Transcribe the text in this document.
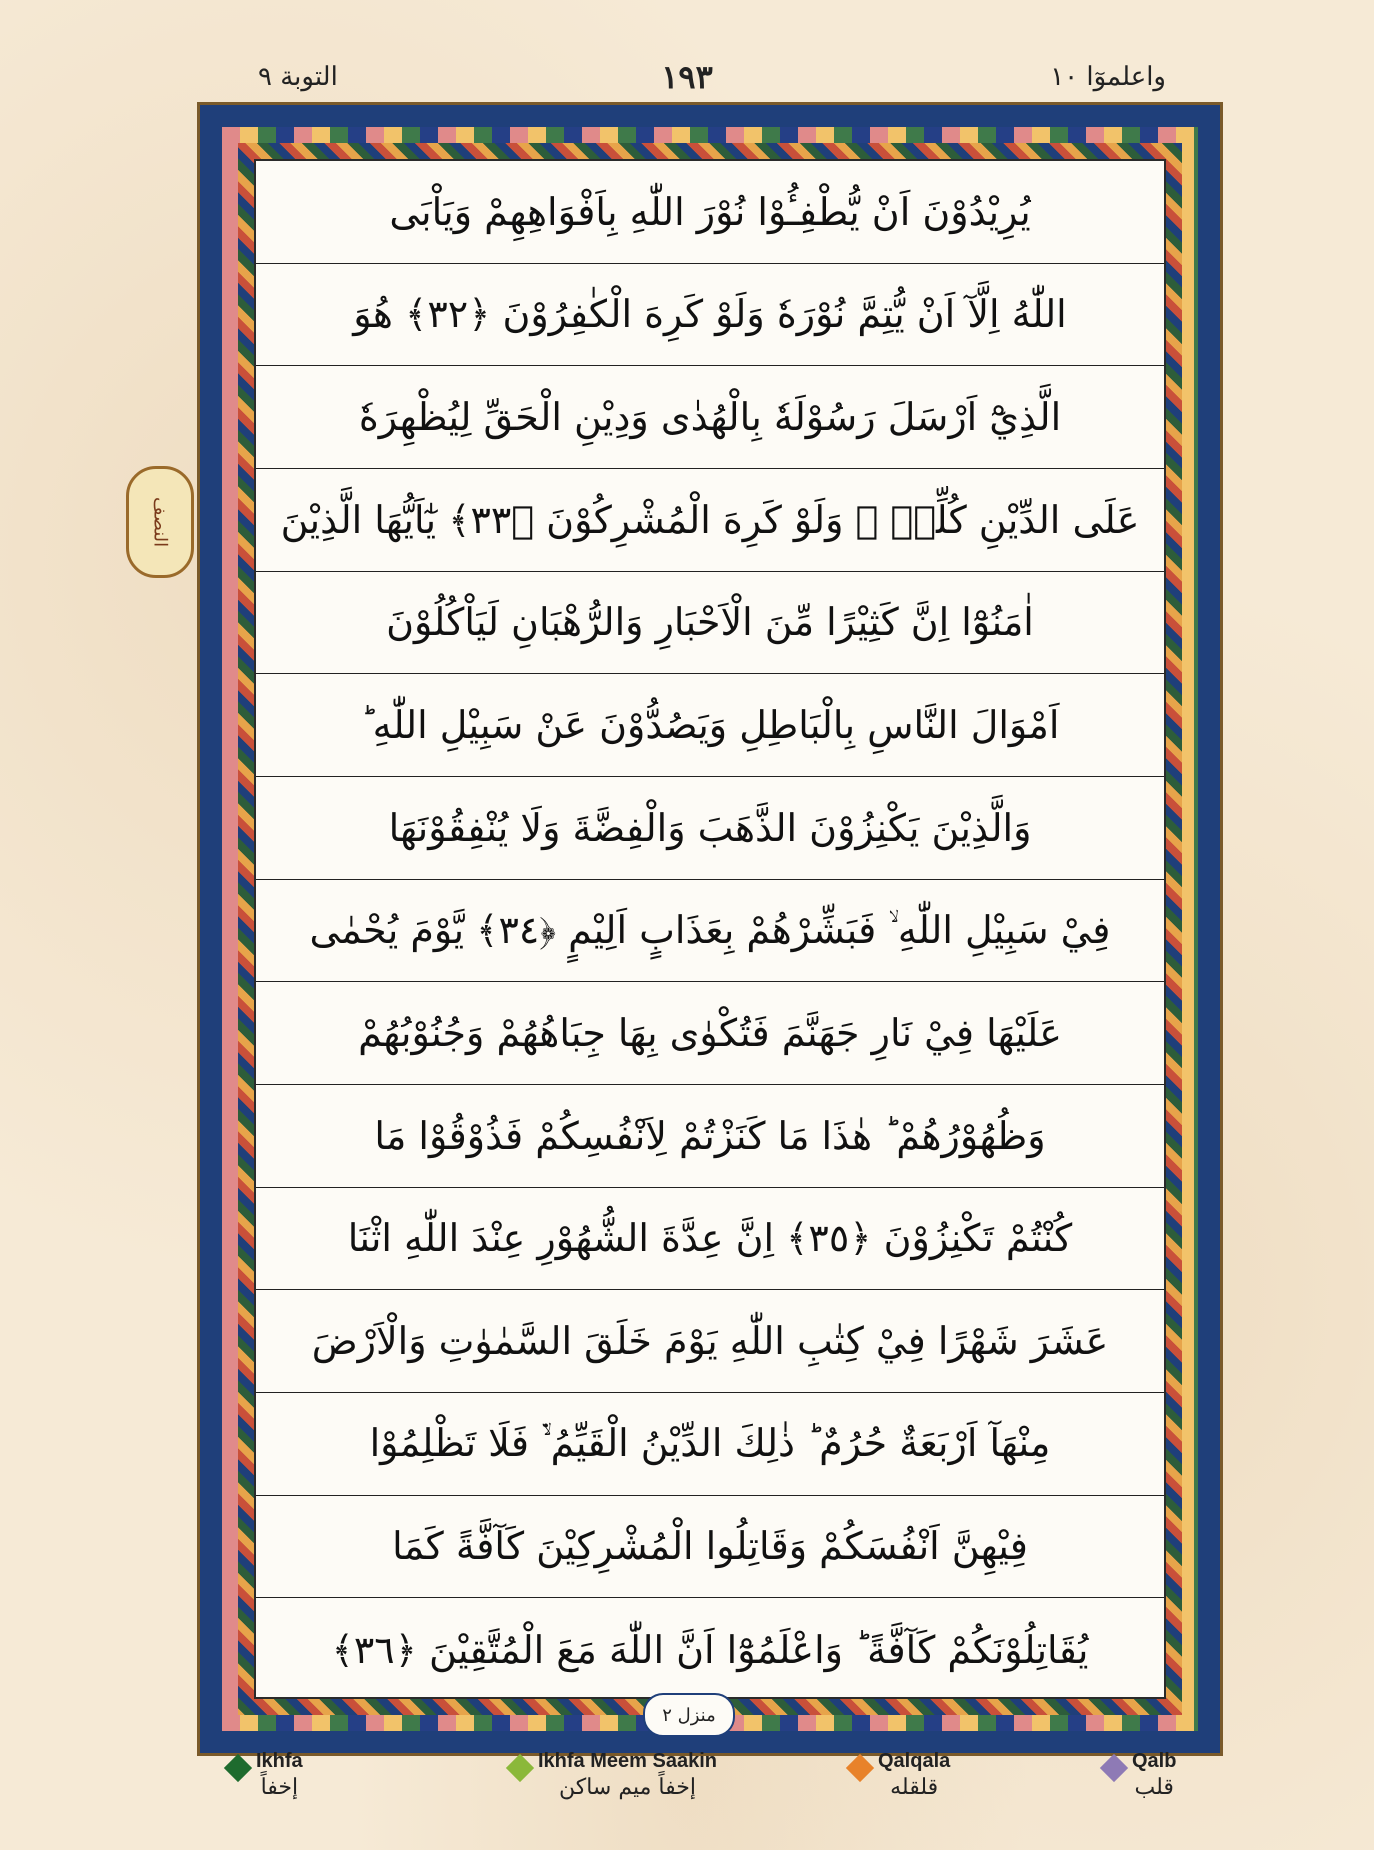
التوبة ٩	١٩٣	واعلموٓا ١٠
يُرِيْدُوْنَ اَنْ يُّطْفِـُٔوْا نُوْرَ اللّٰهِ بِاَفْوَاهِهِمْ وَيَاْبَى
اللّٰهُ اِلَّآ اَنْ يُّتِمَّ نُوْرَهٗ وَلَوْ كَرِهَ الْكٰفِرُوْنَ ﴿٣٢﴾ هُوَ
الَّذِيْٓ اَرْسَلَ رَسُوْلَهٗ بِالْهُدٰى وَدِيْنِ الْحَقِّ لِيُظْهِرَهٗ
عَلَى الدِّيْنِ كُلِّهٖ ۙ وَلَوْ كَرِهَ الْمُشْرِكُوْنَ ﴿٣٣﴾ يٰٓاَيُّهَا الَّذِيْنَ
اٰمَنُوْٓا اِنَّ كَثِيْرًا مِّنَ الْاَحْبَارِ وَالرُّهْبَانِ لَيَاْكُلُوْنَ
اَمْوَالَ النَّاسِ بِالْبَاطِلِ وَيَصُدُّوْنَ عَنْ سَبِيْلِ اللّٰهِ ؕ
وَالَّذِيْنَ يَكْنِزُوْنَ الذَّهَبَ وَالْفِضَّةَ وَلَا يُنْفِقُوْنَهَا
فِيْ سَبِيْلِ اللّٰهِ ۙ فَبَشِّرْهُمْ بِعَذَابٍ اَلِيْمٍ ﴿٣٤﴾ يَّوْمَ يُحْمٰى
عَلَيْهَا فِيْ نَارِ جَهَنَّمَ فَتُكْوٰى بِهَا جِبَاهُهُمْ وَجُنُوْبُهُمْ
وَظُهُوْرُهُمْ ؕ هٰذَا مَا كَنَزْتُمْ لِاَنْفُسِكُمْ فَذُوْقُوْا مَا
كُنْتُمْ تَكْنِزُوْنَ ﴿٣٥﴾ اِنَّ عِدَّةَ الشُّهُوْرِ عِنْدَ اللّٰهِ اثْنَا
عَشَرَ شَهْرًا فِيْ كِتٰبِ اللّٰهِ يَوْمَ خَلَقَ السَّمٰوٰتِ وَالْاَرْضَ
مِنْهَآ اَرْبَعَةٌ حُرُمٌ ؕ ذٰلِكَ الدِّيْنُ الْقَيِّمُ ۙ۬ فَلَا تَظْلِمُوْا
فِيْهِنَّ اَنْفُسَكُمْ وَقَاتِلُوا الْمُشْرِكِيْنَ كَآفَّةً كَمَا
يُقَاتِلُوْنَكُمْ كَآفَّةً ؕ وَاعْلَمُوْٓا اَنَّ اللّٰهَ مَعَ الْمُتَّقِيْنَ ﴿٣٦﴾
النصف
منزل ٢
Ikhfa
إخفاً
Ikhfa Meem Saakin
إخفاً ميم ساكن
Qalqala
قلقله
Qalb
قلب
